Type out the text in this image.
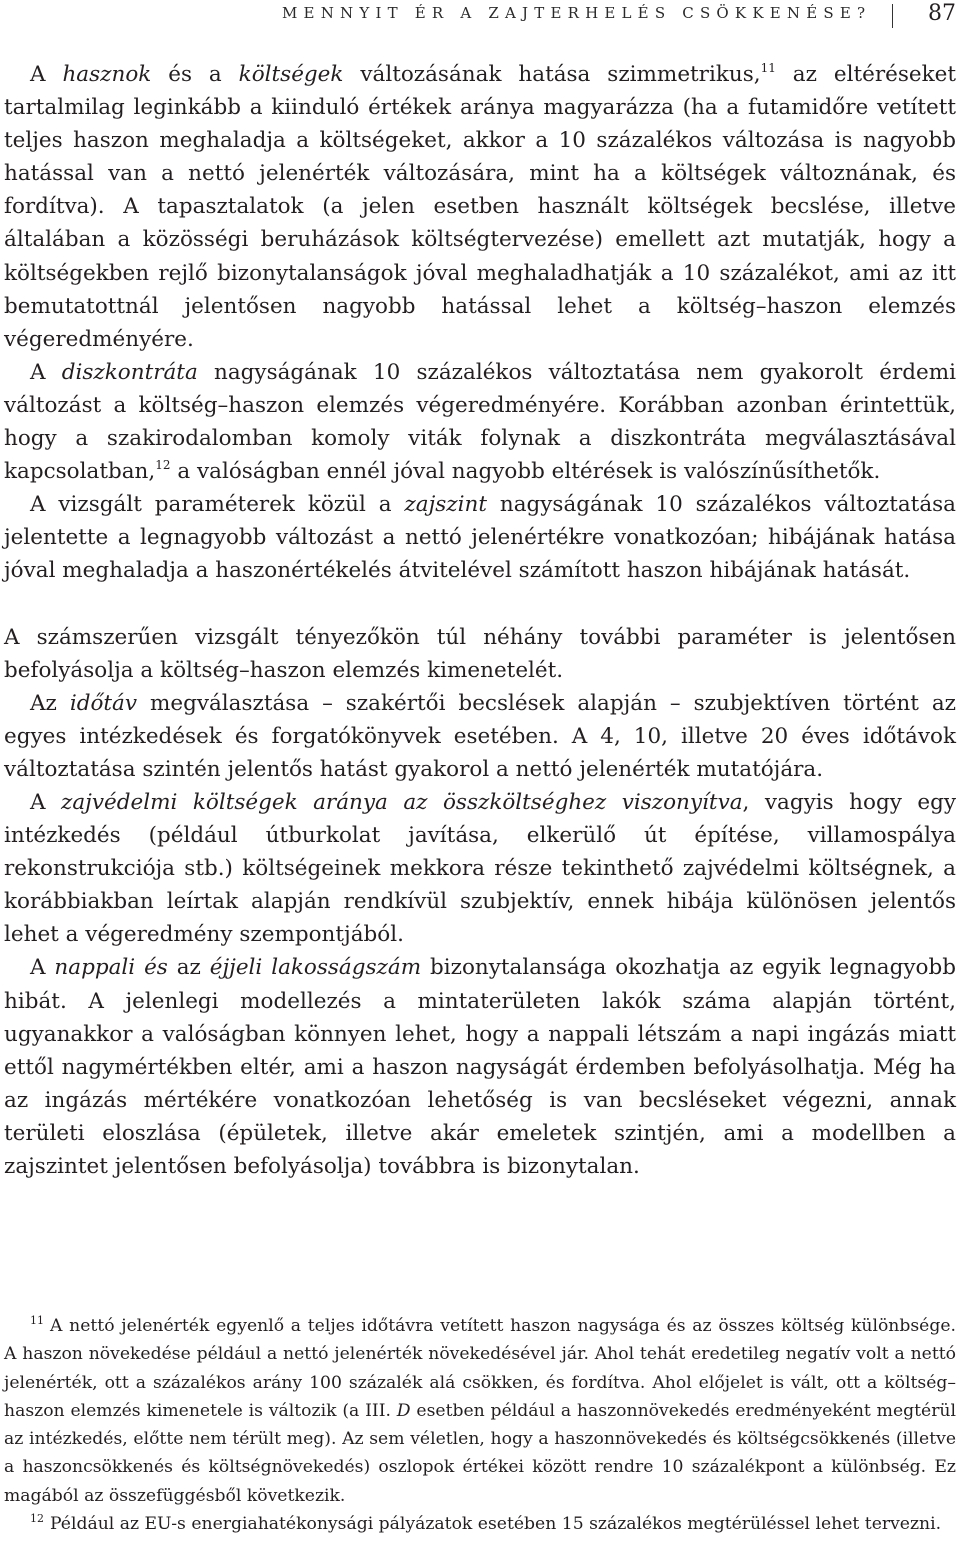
MENNYIT ÉR A ZAJTERHELÉS CSÖKKENÉSE?	87

A hasznok és a költségek változásának hatása szimmetrikus,$^{11}$ az eltéréseket tartalmilag leginkább a kiinduló értékek aránya magyarázza (ha a futamidőre vetített teljes haszon meghaladja a költségeket, akkor a 10 százalékos változása is nagyobb hatással van a nettó jelenérték változására, mint ha a költségek változnának, és fordítva). A tapasztalatok (a jelen esetben használt költségek becslése, illetve általában a közösségi beruházások költségtervezése) emellett azt mutatják, hogy a költségekben rejlő bizonytalanságok jóval meghaladhatják a 10 százalékot, ami az itt bemutatottnál jelentősen nagyobb hatással lehet a költség–haszon elemzés végeredményére.

A diszkontráta nagyságának 10 százalékos változtatása nem gyakorolt érdemi változást a költség–haszon elemzés végeredményére. Korábban azonban érintettük, hogy a szakirodalomban komoly viták folynak a diszkontráta megválasztásával kapcsolatban,$^{12}$ a valóságban ennél jóval nagyobb eltérések is valószínűsíthetők.

A vizsgált paraméterek közül a zajszint nagyságának 10 százalékos változtatása jelentette a legnagyobb változást a nettó jelenértékre vonatkozóan; hibájának hatása jóval meghaladja a haszonértékelés átvitelével számított haszon hibájának hatását.

A számszerűen vizsgált tényezőkön túl néhány további paraméter is jelentősen befolyásolja a költség–haszon elemzés kimenetelét.

Az időtáv megválasztása – szakértői becslések alapján – szubjektíven történt az egyes intézkedések és forgatókönyvek esetében. A 4, 10, illetve 20 éves időtávok változtatása szintén jelentős hatást gyakorol a nettó jelenérték mutatójára.

A zajvédelmi költségek aránya az összköltséghez viszonyítva, vagyis hogy egy intézkedés (például útburkolat javítása, elkerülő út építése, villamospálya rekonstrukciója stb.) költségeinek mekkora része tekinthető zajvédelmi költségnek, a korábbiakban leírtak alapján rendkívül szubjektív, ennek hibája különösen jelentős lehet a végeredmény szempontjából.

A nappali és az éjjeli lakosságszám bizonytalansága okozhatja az egyik legnagyobb hibát. A jelenlegi modellezés a mintaterületen lakók száma alapján történt, ugyanakkor a valóságban könnyen lehet, hogy a nappali létszám a napi ingázás miatt ettől nagymértékben eltér, ami a haszon nagyságát érdemben befolyásolhatja. Még ha az ingázás mértékére vonatkozóan lehetőség is van becsléseket végezni, annak területi eloszlása (épületek, illetve akár emeletek szintjén, ami a modellben a zajszintet jelentősen befolyásolja) továbbra is bizonytalan.

$^{11}$ A nettó jelenérték egyenlő a teljes időtávra vetített haszon nagysága és az összes költség különbsége. A haszon növekedése például a nettó jelenérték növekedésével jár. Ahol tehát eredetileg negatív volt a nettó jelenérték, ott a százalékos arány 100 százalék alá csökken, és fordítva. Ahol előjelet is vált, ott a költség–haszon elemzés kimenetele is változik (a III. D esetben például a haszonnövekedés eredményeként megtérül az intézkedés, előtte nem térült meg). Az sem véletlen, hogy a haszonnövekedés és költségcsökkenés (illetve a haszoncsökkenés és költségnövekedés) oszlopok értékei között rendre 10 százalékpont a különbség. Ez magából az összefüggésből következik.

$^{12}$ Például az EU-s energiahatékonysági pályázatok esetében 15 százalékos megtérüléssel lehet tervezni.
